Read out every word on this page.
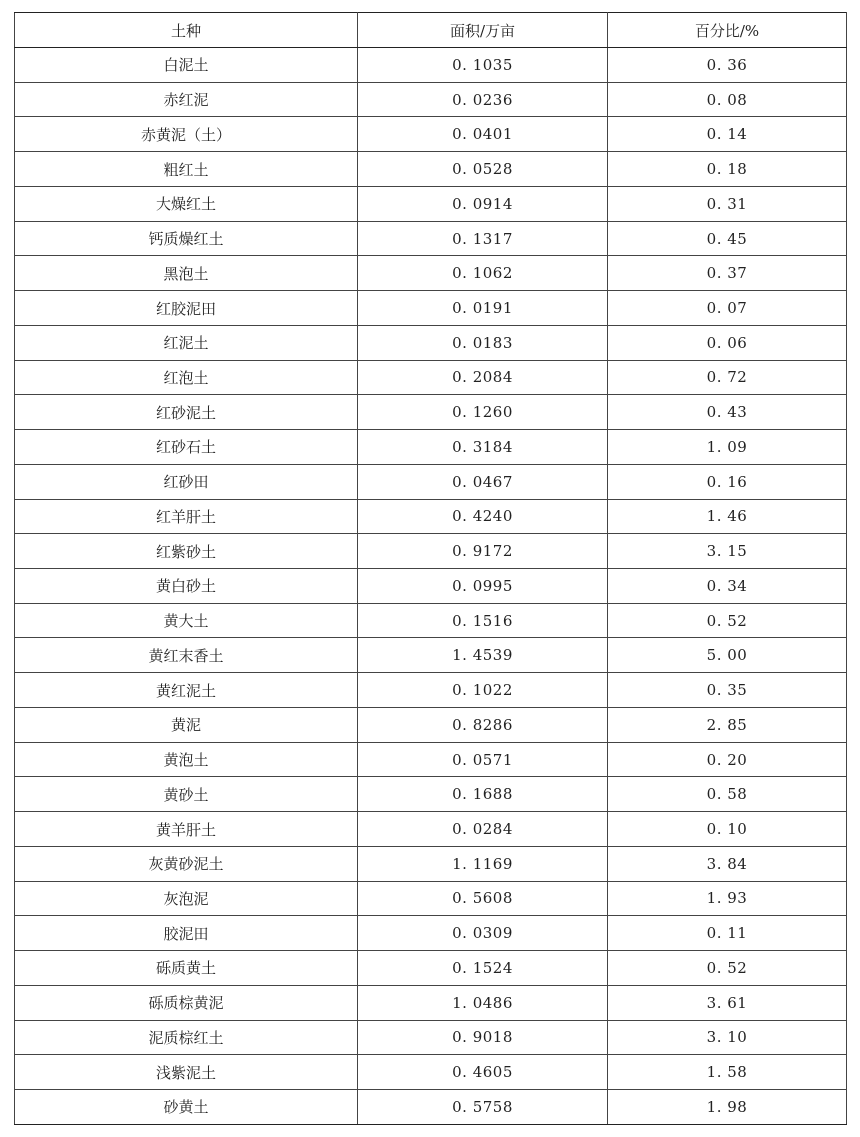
土种	面积/万亩	百分比/%
白泥土	0. 1035	0. 36
赤红泥	0. 0236	0. 08
赤黄泥（土）	0. 0401	0. 14
粗红土	0. 0528	0. 18
大燥红土	0. 0914	0. 31
钙质燥红土	0. 1317	0. 45
黑泡土	0. 1062	0. 37
红胶泥田	0. 0191	0. 07
红泥土	0. 0183	0. 06
红泡土	0. 2084	0. 72
红砂泥土	0. 1260	0. 43
红砂石土	0. 3184	1. 09
红砂田	0. 0467	0. 16
红羊肝土	0. 4240	1. 46
红紫砂土	0. 9172	3. 15
黄白砂土	0. 0995	0. 34
黄大土	0. 1516	0. 52
黄红末香土	1. 4539	5. 00
黄红泥土	0. 1022	0. 35
黄泥	0. 8286	2. 85
黄泡土	0. 0571	0. 20
黄砂土	0. 1688	0. 58
黄羊肝土	0. 0284	0. 10
灰黄砂泥土	1. 1169	3. 84
灰泡泥	0. 5608	1. 93
胶泥田	0. 0309	0. 11
砾质黄土	0. 1524	0. 52
砾质棕黄泥	1. 0486	3. 61
泥质棕红土	0. 9018	3. 10
浅紫泥土	0. 4605	1. 58
砂黄土	0. 5758	1. 98
